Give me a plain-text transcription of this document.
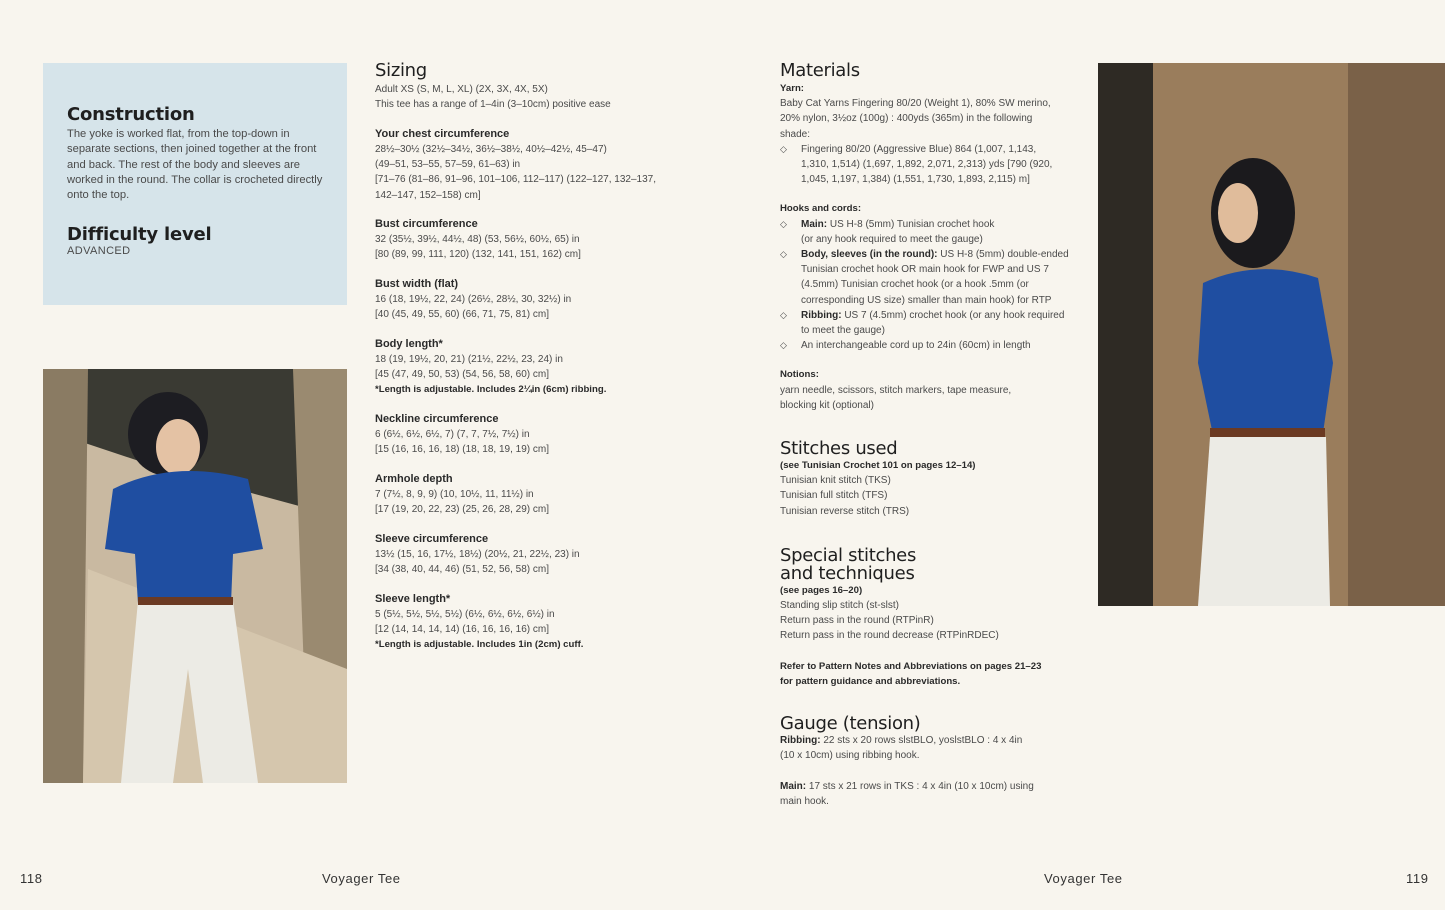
Construction

The yoke is worked flat, from the top-down in separate sections, then joined together at the front and back. The rest of the body and sleeves are worked in the round. The collar is crocheted directly onto the top.

Difficulty level
ADVANCED
Sizing

Adult XS (S, M, L, XL) (2X, 3X, 4X, 5X)

This tee has a range of 1–4in (3–10cm) positive ease

Your chest circumference

28½–30½ (32½–34½, 36½–38½, 40½–42½, 45–47)

(49–51, 53–55, 57–59, 61–63) in

[71–76 (81–86, 91–96, 101–106, 112–117) (122–127, 132–137,

142–147, 152–158) cm]

Bust circumference

32 (35½, 39½, 44½, 48) (53, 56½, 60½, 65) in

[80 (89, 99, 111, 120) (132, 141, 151, 162) cm]

Bust width (flat)

16 (18, 19½, 22, 24) (26½, 28½, 30, 32½) in

[40 (45, 49, 55, 60) (66, 71, 75, 81) cm]

Body length*

18 (19, 19½, 20, 21) (21½, 22½, 23, 24) in

[45 (47, 49, 50, 53) (54, 56, 58, 60) cm]

*Length is adjustable. Includes 2¼in (6cm) ribbing.

Neckline circumference

6 (6½, 6½, 6½, 7) (7, 7, 7½, 7½) in

[15 (16, 16, 16, 18) (18, 18, 19, 19) cm]

Armhole depth

7 (7½, 8, 9, 9) (10, 10½, 11, 11½) in

[17 (19, 20, 22, 23) (25, 26, 28, 29) cm]

Sleeve circumference

13½ (15, 16, 17½, 18½) (20½, 21, 22½, 23) in

[34 (38, 40, 44, 46) (51, 52, 56, 58) cm]

Sleeve length*

5 (5½, 5½, 5½, 5½) (6½, 6½, 6½, 6½) in

[12 (14, 14, 14, 14) (16, 16, 16, 16) cm]

*Length is adjustable. Includes 1in (2cm) cuff.

118	Voyager Tee
Materials

Yarn:

Baby Cat Yarns Fingering 80/20 (Weight 1), 80% SW merino,

20% nylon, 3½oz (100g) : 400yds (365m) in the following

shade:

◇ Fingering 80/20 (Aggressive Blue) 864 (1,007, 1,143,

1,310, 1,514) (1,697, 1,892, 2,071, 2,313) yds [790 (920,

1,045, 1,197, 1,384) (1,551, 1,730, 1,893, 2,115) m]

Hooks and cords:

◇ Main: US H-8 (5mm) Tunisian crochet hook

(or any hook required to meet the gauge)

◇ Body, sleeves (in the round): US H-8 (5mm) double-ended

Tunisian crochet hook OR main hook for FWP and US 7

(4.5mm) Tunisian crochet hook (or a hook .5mm (or

corresponding US size) smaller than main hook) for RTP

◇ Ribbing: US 7 (4.5mm) crochet hook (or any hook required

to meet the gauge)

◇ An interchangeable cord up to 24in (60cm) in length

Notions:

yarn needle, scissors, stitch markers, tape measure,

blocking kit (optional)

Stitches used

(see Tunisian Crochet 101 on pages 12–14)

Tunisian knit stitch (TKS)

Tunisian full stitch (TFS)

Tunisian reverse stitch (TRS)

Special stitches
and techniques

(see pages 16–20)

Standing slip stitch (st-slst)

Return pass in the round (RTPinR)

Return pass in the round decrease (RTPinRDEC)

Refer to Pattern Notes and Abbreviations on pages 21–23

for pattern guidance and abbreviations.

Gauge (tension)

Ribbing: 22 sts x 20 rows slstBLO, yoslstBLO : 4 x 4in

(10 x 10cm) using ribbing hook.

Main: 17 sts x 21 rows in TKS : 4 x 4in (10 x 10cm) using

main hook.

Voyager Tee	119
